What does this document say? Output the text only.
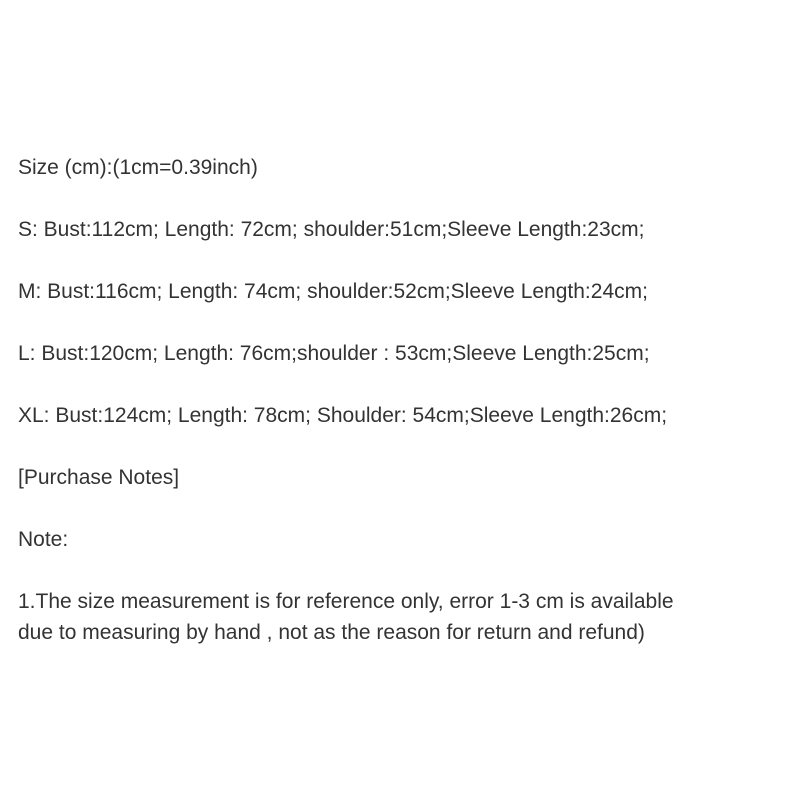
Size (cm):(1cm=0.39inch)

S: Bust:112cm; Length: 72cm; shoulder:51cm;Sleeve Length:23cm;

M: Bust:116cm; Length: 74cm; shoulder:52cm;Sleeve Length:24cm;

L: Bust:120cm; Length: 76cm;shoulder : 53cm;Sleeve Length:25cm;

XL: Bust:124cm; Length: 78cm; Shoulder: 54cm;Sleeve Length:26cm;

[Purchase Notes]

Note:

1.The size measurement is for reference only, error 1-3 cm is available

due to measuring by hand , not as the reason for return and refund)
